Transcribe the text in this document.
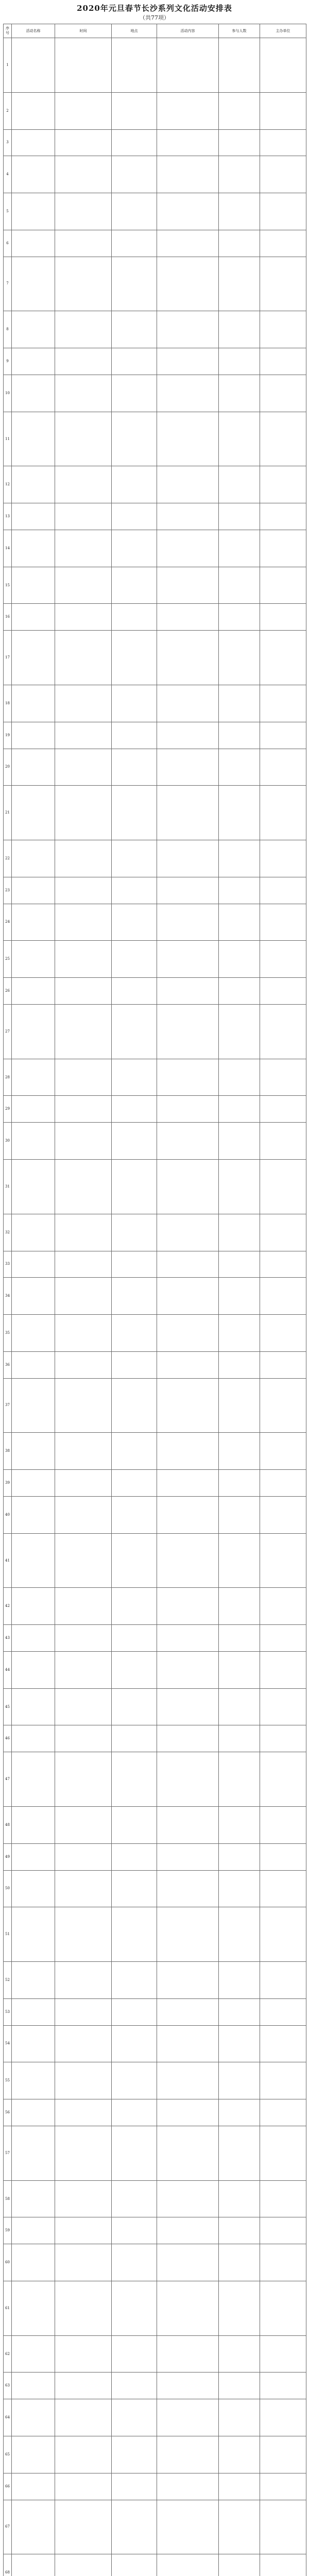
2020年元旦春节长沙系列文化活动安排表
（共77项）
序号	活动名称	时间	地点	活动内容	参与人数	主办单位
1						
2						
3						
4						
5						
6						
7						
8						
9						
10						
11						
12						
13						
14						
15						
16						
17						
18						
19						
20						
21						
22						
23						
24						
25						
26						
27						
28						
29						
30						
31						
32						
33						
34						
35						
36						
37						
38						
39						
40						
41						
42						
43						
44						
45						
46						
47						
48						
49						
50						
51						
52						
53						
54						
55						
56						
57						
58						
59						
60						
61						
62						
63						
64						
65						
66						
67						
68						
